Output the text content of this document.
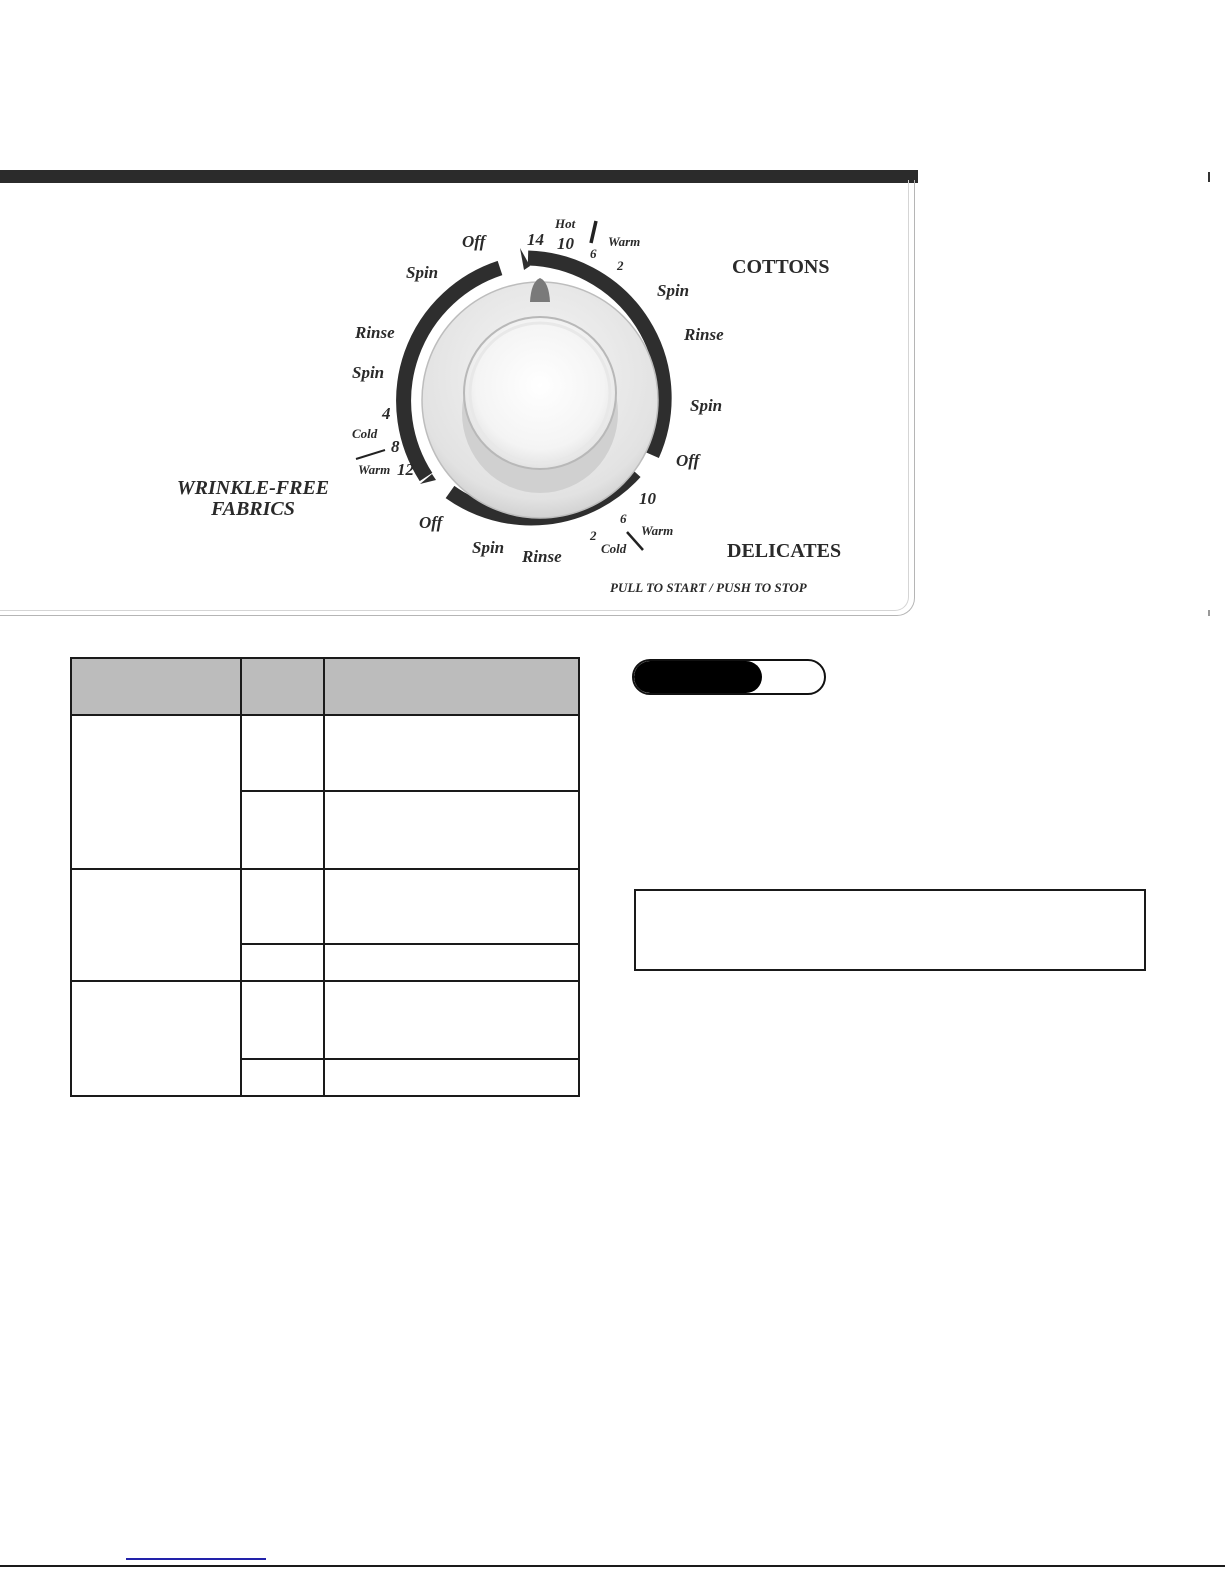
Off 14 10
Hot
6
Warm
2
Spin
Rinse
Spin
Off
10
6
Warm
2
Cold
Rinse
Spin
Off
Warm 12
8
Cold
4
Spin
Rinse
Spin	COTTONS
DELICATES
WRINKLE-FREE
FABRICS
PULL TO START / PUSH TO STOP
